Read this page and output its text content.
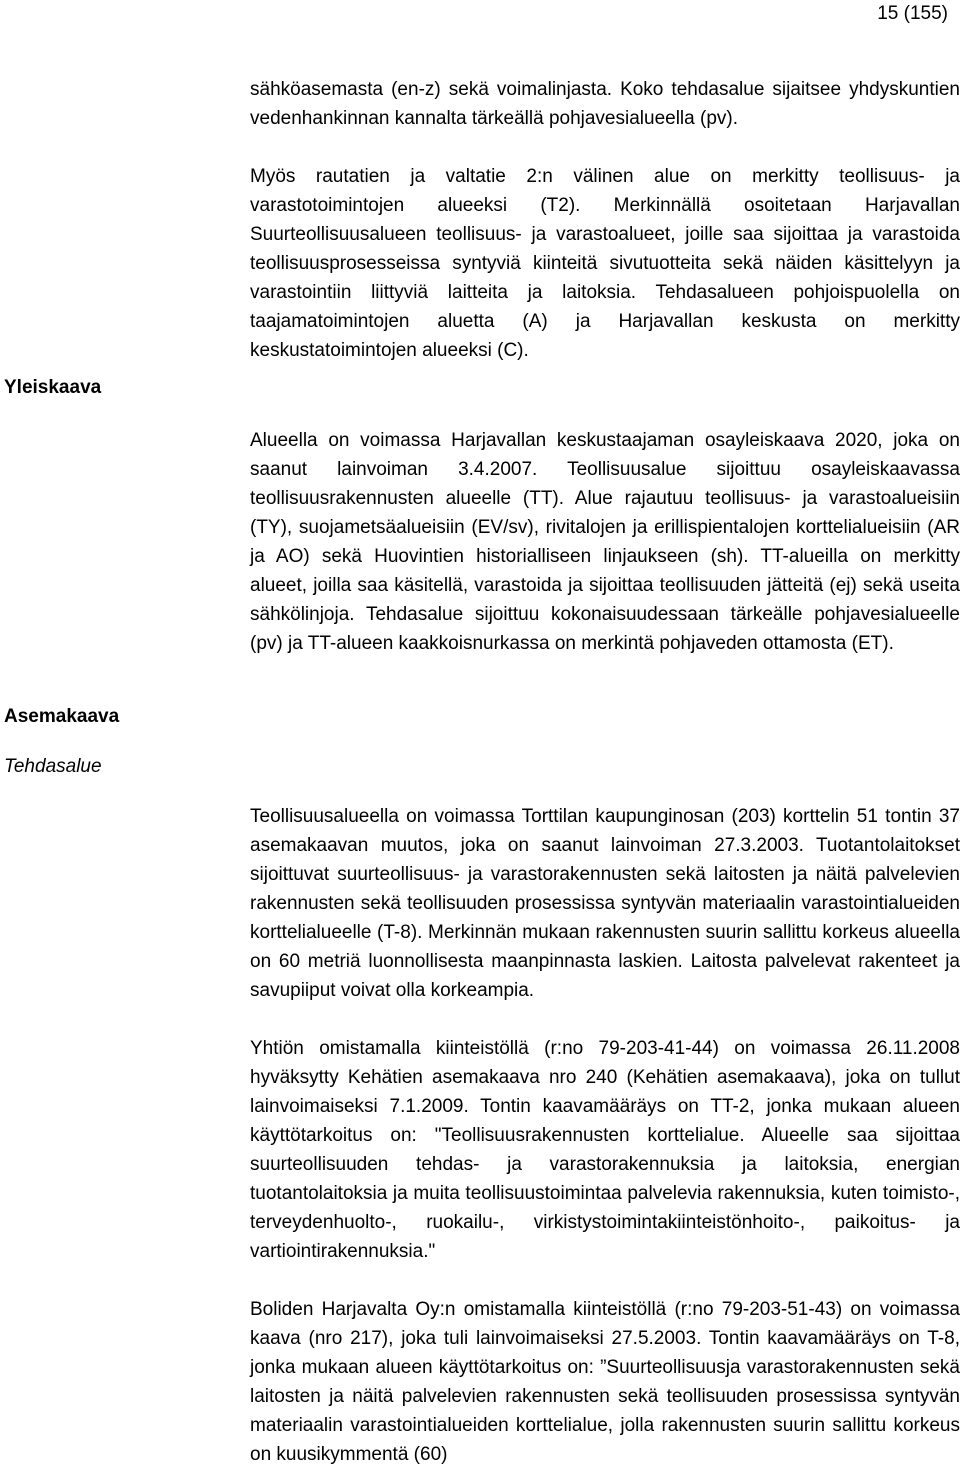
15 (155)

sähköasemasta (en-z) sekä voimalinjasta. Koko tehdasalue sijaitsee yhdyskuntien vedenhankinnan kannalta tärkeällä pohjavesialueella (pv).

Myös rautatien ja valtatie 2:n välinen alue on merkitty teollisuus- ja varastotoimintojen alueeksi (T2). Merkinnällä osoitetaan Harjavallan Suurteollisuusalueen teollisuus- ja varastoalueet, joille saa sijoittaa ja varastoida teollisuusprosesseissa syntyviä kiinteitä sivutuotteita sekä näiden käsittelyyn ja varastointiin liittyviä laitteita ja laitoksia. Tehdasalueen pohjoispuolella on taajamatoimintojen aluetta (A) ja Harjavallan keskusta on merkitty keskustatoimintojen alueeksi (C).

Yleiskaava

Alueella on voimassa Harjavallan keskustaajaman osayleiskaava 2020, joka on saanut lainvoiman 3.4.2007. Teollisuusalue sijoittuu osayleiskaavassa teollisuusrakennusten alueelle (TT). Alue rajautuu teollisuus- ja varastoalueisiin (TY), suojametsäalueisiin (EV/sv), rivitalojen ja erillispientalojen korttelialueisiin (AR ja AO) sekä Huovintien historialliseen linjaukseen (sh). TT-alueilla on merkitty alueet, joilla saa käsitellä, varastoida ja sijoittaa teollisuuden jätteitä (ej) sekä useita sähkölinjoja. Tehdasalue sijoittuu kokonaisuudessaan tärkeälle pohjavesialueelle (pv) ja TT-alueen kaakkoisnurkassa on merkintä pohjaveden ottamosta (ET).

Asemakaava
Tehdasalue

Teollisuusalueella on voimassa Torttilan kaupunginosan (203) korttelin 51 tontin 37 asemakaavan muutos, joka on saanut lainvoiman 27.3.2003. Tuotantolaitokset sijoittuvat suurteollisuus- ja varastorakennusten sekä laitosten ja näitä palvelevien rakennusten sekä teollisuuden prosessissa syntyvän materiaalin varastointialueiden korttelialueelle (T-8). Merkinnän mukaan rakennusten suurin sallittu korkeus alueella on 60 metriä luonnollisesta maanpinnasta laskien. Laitosta palvelevat rakenteet ja savupiiput voivat olla korkeampia.

Yhtiön omistamalla kiinteistöllä (r:no 79-203-41-44) on voimassa 26.11.2008 hyväksytty Kehätien asemakaava nro 240 (Kehätien asemakaava), joka on tullut lainvoimaiseksi 7.1.2009. Tontin kaavamääräys on TT-2, jonka mukaan alueen käyttötarkoitus on: "Teollisuusrakennusten korttelialue. Alueelle saa sijoittaa suurteollisuuden tehdas- ja varastorakennuksia ja laitoksia, energian tuotantolaitoksia ja muita teollisuustoimintaa palvelevia rakennuksia, kuten toimisto-, terveydenhuolto-, ruokailu-, virkistystoimintakiinteistönhoito-, paikoitus- ja vartiointirakennuksia."

Boliden Harjavalta Oy:n omistamalla kiinteistöllä (r:no 79-203-51-43) on voimassa kaava (nro 217), joka tuli lainvoimaiseksi 27.5.2003. Tontin kaavamääräys on T-8, jonka mukaan alueen käyttötarkoitus on: ”Suurteollisuusja varastorakennusten sekä laitosten ja näitä palvelevien rakennusten sekä teollisuuden prosessissa syntyvän materiaalin varastointialueiden korttelialue, jolla rakennusten suurin sallittu korkeus on kuusikymmentä (60)
